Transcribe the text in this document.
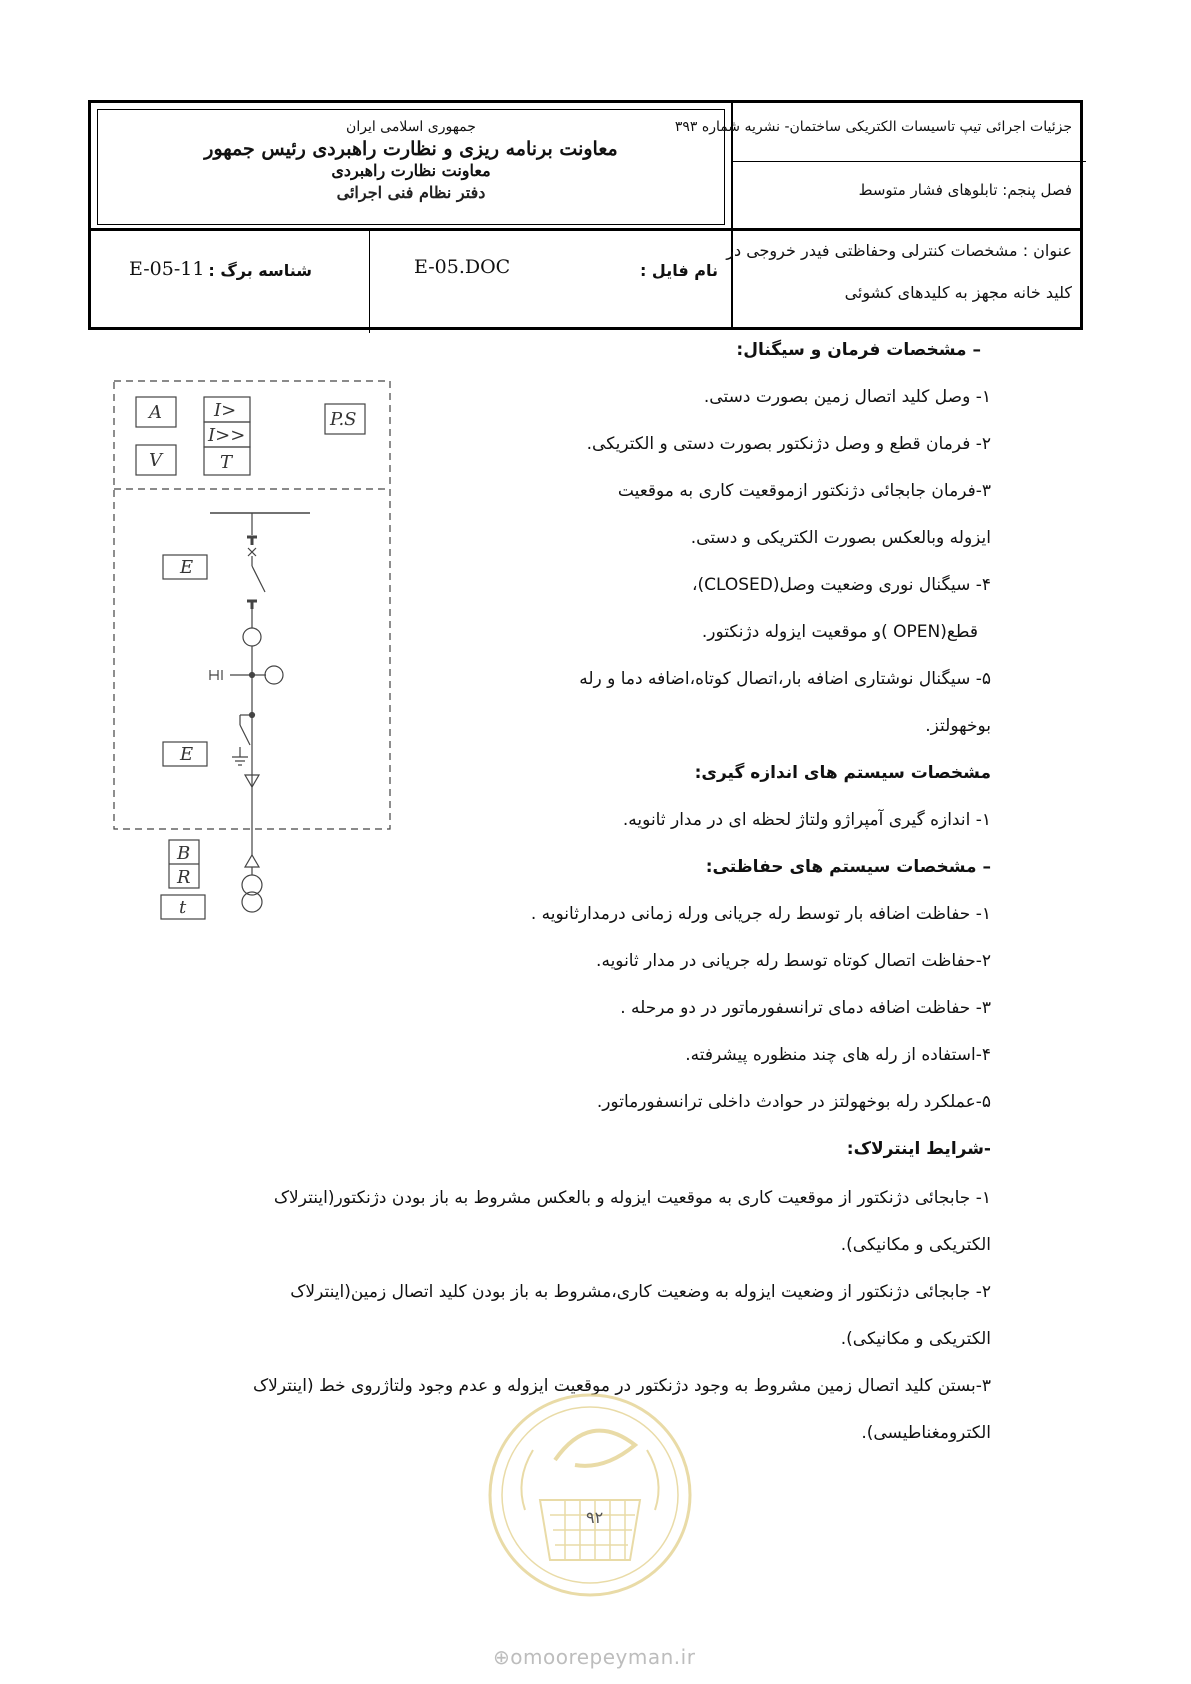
جمهوری اسلامی ایران
معاونت برنامه ریزی و نظارت راهبردی رئیس جمهور
معاونت نظارت راهبردی
دفتر نظام فنی اجرائی
جزئیات اجرائی تیپ تاسیسات الکتریکی ساختمان- نشریه شماره ۳۹۳
فصل پنجم: تابلوهای فشار متوسط
عنوان : مشخصات کنترلی وحفاظتی فیدر خروجی در
کلید خانه مجهز به کلیدهای کشوئی
نام فایل :
E-05.DOC
شناسه برگ :
E-05-11
– مشخصات فرمان و سیگنال:
۱- وصل کلید اتصال زمین بصورت دستی.
۲- فرمان قطع و وصل دژنکتور بصورت دستی و الکتریکی.
۳-فرمان جابجائی دژنکتور ازموقعیت کاری به موقعیت
ایزوله وبالعکس بصورت الکتریکی و دستی.
۴- سیگنال نوری وضعیت وصل(CLOSED)،
قطع(OPEN )و موقعیت ایزوله دژنکتور.
۵- سیگنال نوشتاری اضافه بار،اتصال کوتاه،اضافه دما و رله
بوخهولتز.
مشخصات سیستم های اندازه گیری:
۱- اندازه گیری آمپراژو ولتاژ لحظه ای در مدار ثانویه.
– مشخصات سیستم های حفاظتی:
۱- حفاظت اضافه بار توسط رله جریانی ورله زمانی درمدارثانویه .
۲-حفاظت اتصال کوتاه توسط رله جریانی در مدار ثانویه.
۳- حفاظت اضافه دمای ترانسفورماتور در دو مرحله .
۴-استفاده از رله های چند منظوره پیشرفته.
۵-عملکرد رله بوخهولتز در حوادث داخلی ترانسفورماتور.
-شرایط اینترلاک:
۱- جابجائی دژنکتور از موقعیت کاری به موقعیت ایزوله و بالعکس مشروط به باز بودن دژنکتور(اینترلاک
الکتریکی و مکانیکی).
۲- جابجائی دژنکتور از وضعیت ایزوله به وضعیت کاری،مشروط به باز بودن کلید اتصال زمین(اینترلاک
الکتریکی و مکانیکی).
۳-بستن کلید اتصال زمین مشروط به وجود دژنکتور در موقعیت ایزوله و عدم وجود ولتاژروی خط (اینترلاک
الکترومغناطیسی).
A
V
I>
I>>
T
P.S
E
E
B
R
t
۹۲
⊕omoorepeyman.ir
